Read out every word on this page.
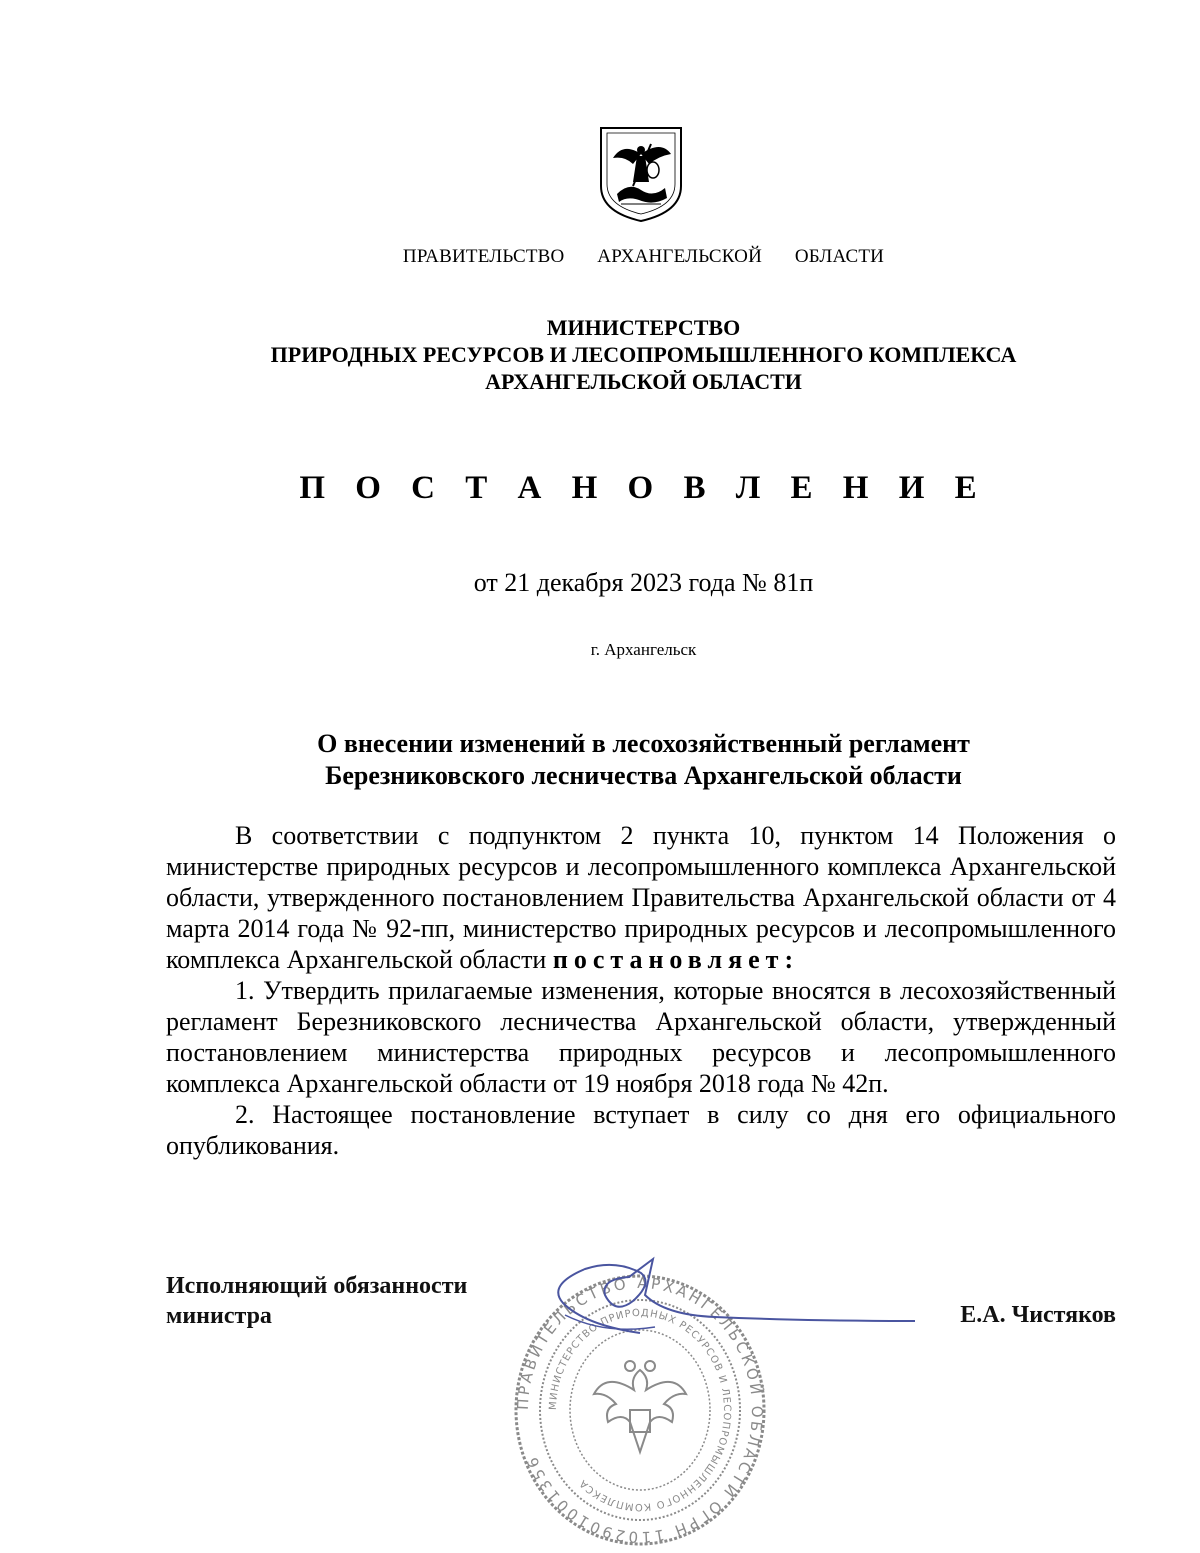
ПРАВИТЕЛЬСТВО   АРХАНГЕЛЬСКОЙ   ОБЛАСТИ
МИНИСТЕРСТВО
ПРИРОДНЫХ РЕСУРСОВ И ЛЕСОПРОМЫШЛЕННОГО КОМПЛЕКСА
АРХАНГЕЛЬСКОЙ ОБЛАСТИ
П О С Т А Н О В Л Е Н И Е
от 21 декабря 2023 года № 81п
г. Архангельск
О внесении изменений в лесохозяйственный регламент
Березниковского лесничества Архангельской области

В соответствии с подпунктом 2 пункта 10, пунктом 14 Положения о министерстве природных ресурсов и лесопромышленного комплекса Архангельской области, утвержденного постановлением Правительства Архангельской области от 4 марта 2014 года № 92-пп, министерство природных ресурсов и лесопромышленного комплекса Архангельской области постановляет:

1. Утвердить прилагаемые изменения, которые вносятся в лесохозяйственный регламент Березниковского лесничества Архангельской области, утвержденный постановлением министерства природных ресурсов и лесопромышленного комплекса Архангельской области от 19 ноября 2018 года № 42п.

2. Настоящее постановление вступает в силу со дня его официального опубликования.

ПРАВИТЕЛЬСТВО АРХАНГЕЛЬСКОЙ ОБЛАСТИ ОГРН 1102901001356
МИНИСТЕРСТВО ПРИРОДНЫХ РЕСУРСОВ И ЛЕСОПРОМЫШЛЕННОГО КОМПЛЕКСА
Исполняющий обязанности
министра	Е.А. Чистяков
